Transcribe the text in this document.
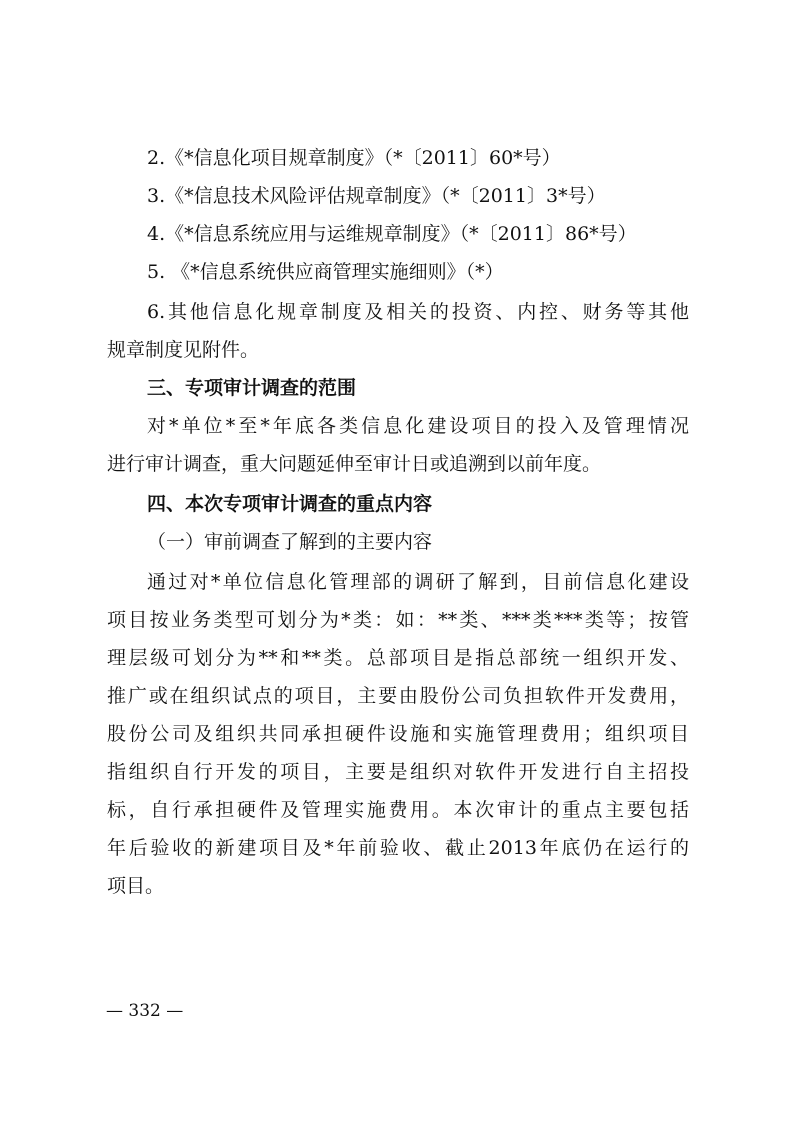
2.《*信息化项目规章制度》（*〔2011〕60*号）
3.《*信息技术风险评估规章制度》（*〔2011〕3*号）
4.《*信息系统应用与运维规章制度》（*〔2011〕86*号）
5. 《*信息系统供应商管理实施细则》（*）
6.其他信息化规章制度及相关的投资、内控、财务等其他
规章制度见附件。
三、专项审计调查的范围
对*单位*至*年底各类信息化建设项目的投入及管理情况
进行审计调查，重大问题延伸至审计日或追溯到以前年度。
四、本次专项审计调查的重点内容
（一）审前调查了解到的主要内容
通过对*单位信息化管理部的调研了解到，目前信息化建设
项目按业务类型可划分为*类：如：**类、***类***类等；按管
理层级可划分为**和**类。总部项目是指总部统一组织开发、
推广或在组织试点的项目，主要由股份公司负担软件开发费用，
股份公司及组织共同承担硬件设施和实施管理费用；组织项目
指组织自行开发的项目，主要是组织对软件开发进行自主招投
标，自行承担硬件及管理实施费用。本次审计的重点主要包括
年后验收的新建项目及*年前验收、截止2013年底仍在运行的
项目。
— 332 —
